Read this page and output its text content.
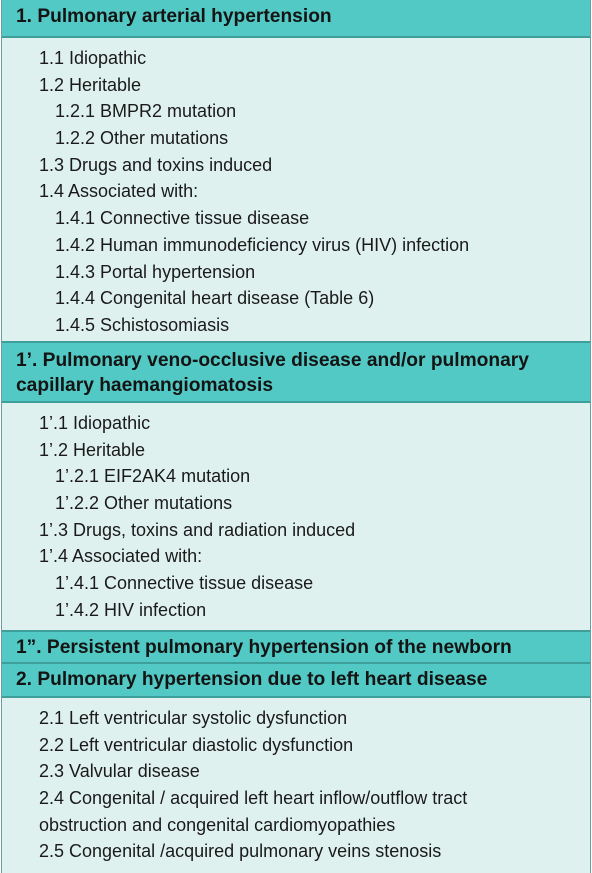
1. Pulmonary arterial hypertension
1.1 Idiopathic
1.2 Heritable
1.2.1 BMPR2 mutation
1.2.2 Other mutations
1.3 Drugs and toxins induced
1.4 Associated with:
1.4.1 Connective tissue disease
1.4.2 Human immunodeficiency virus (HIV) infection
1.4.3 Portal hypertension
1.4.4 Congenital heart disease (Table 6)
1.4.5 Schistosomiasis
1’. Pulmonary veno-occlusive disease and/or pulmonary
capillary haemangiomatosis
1’.1 Idiopathic
1’.2 Heritable
1’.2.1 EIF2AK4 mutation
1’.2.2 Other mutations
1’.3 Drugs, toxins and radiation induced
1’.4 Associated with:
1’.4.1 Connective tissue disease
1’.4.2 HIV infection
1”. Persistent pulmonary hypertension of the newborn
2. Pulmonary hypertension due to left heart disease
2.1 Left ventricular systolic dysfunction
2.2 Left ventricular diastolic dysfunction
2.3 Valvular disease
2.4 Congenital / acquired left heart inflow/outflow tract
obstruction and congenital cardiomyopathies
2.5 Congenital /acquired pulmonary veins stenosis
